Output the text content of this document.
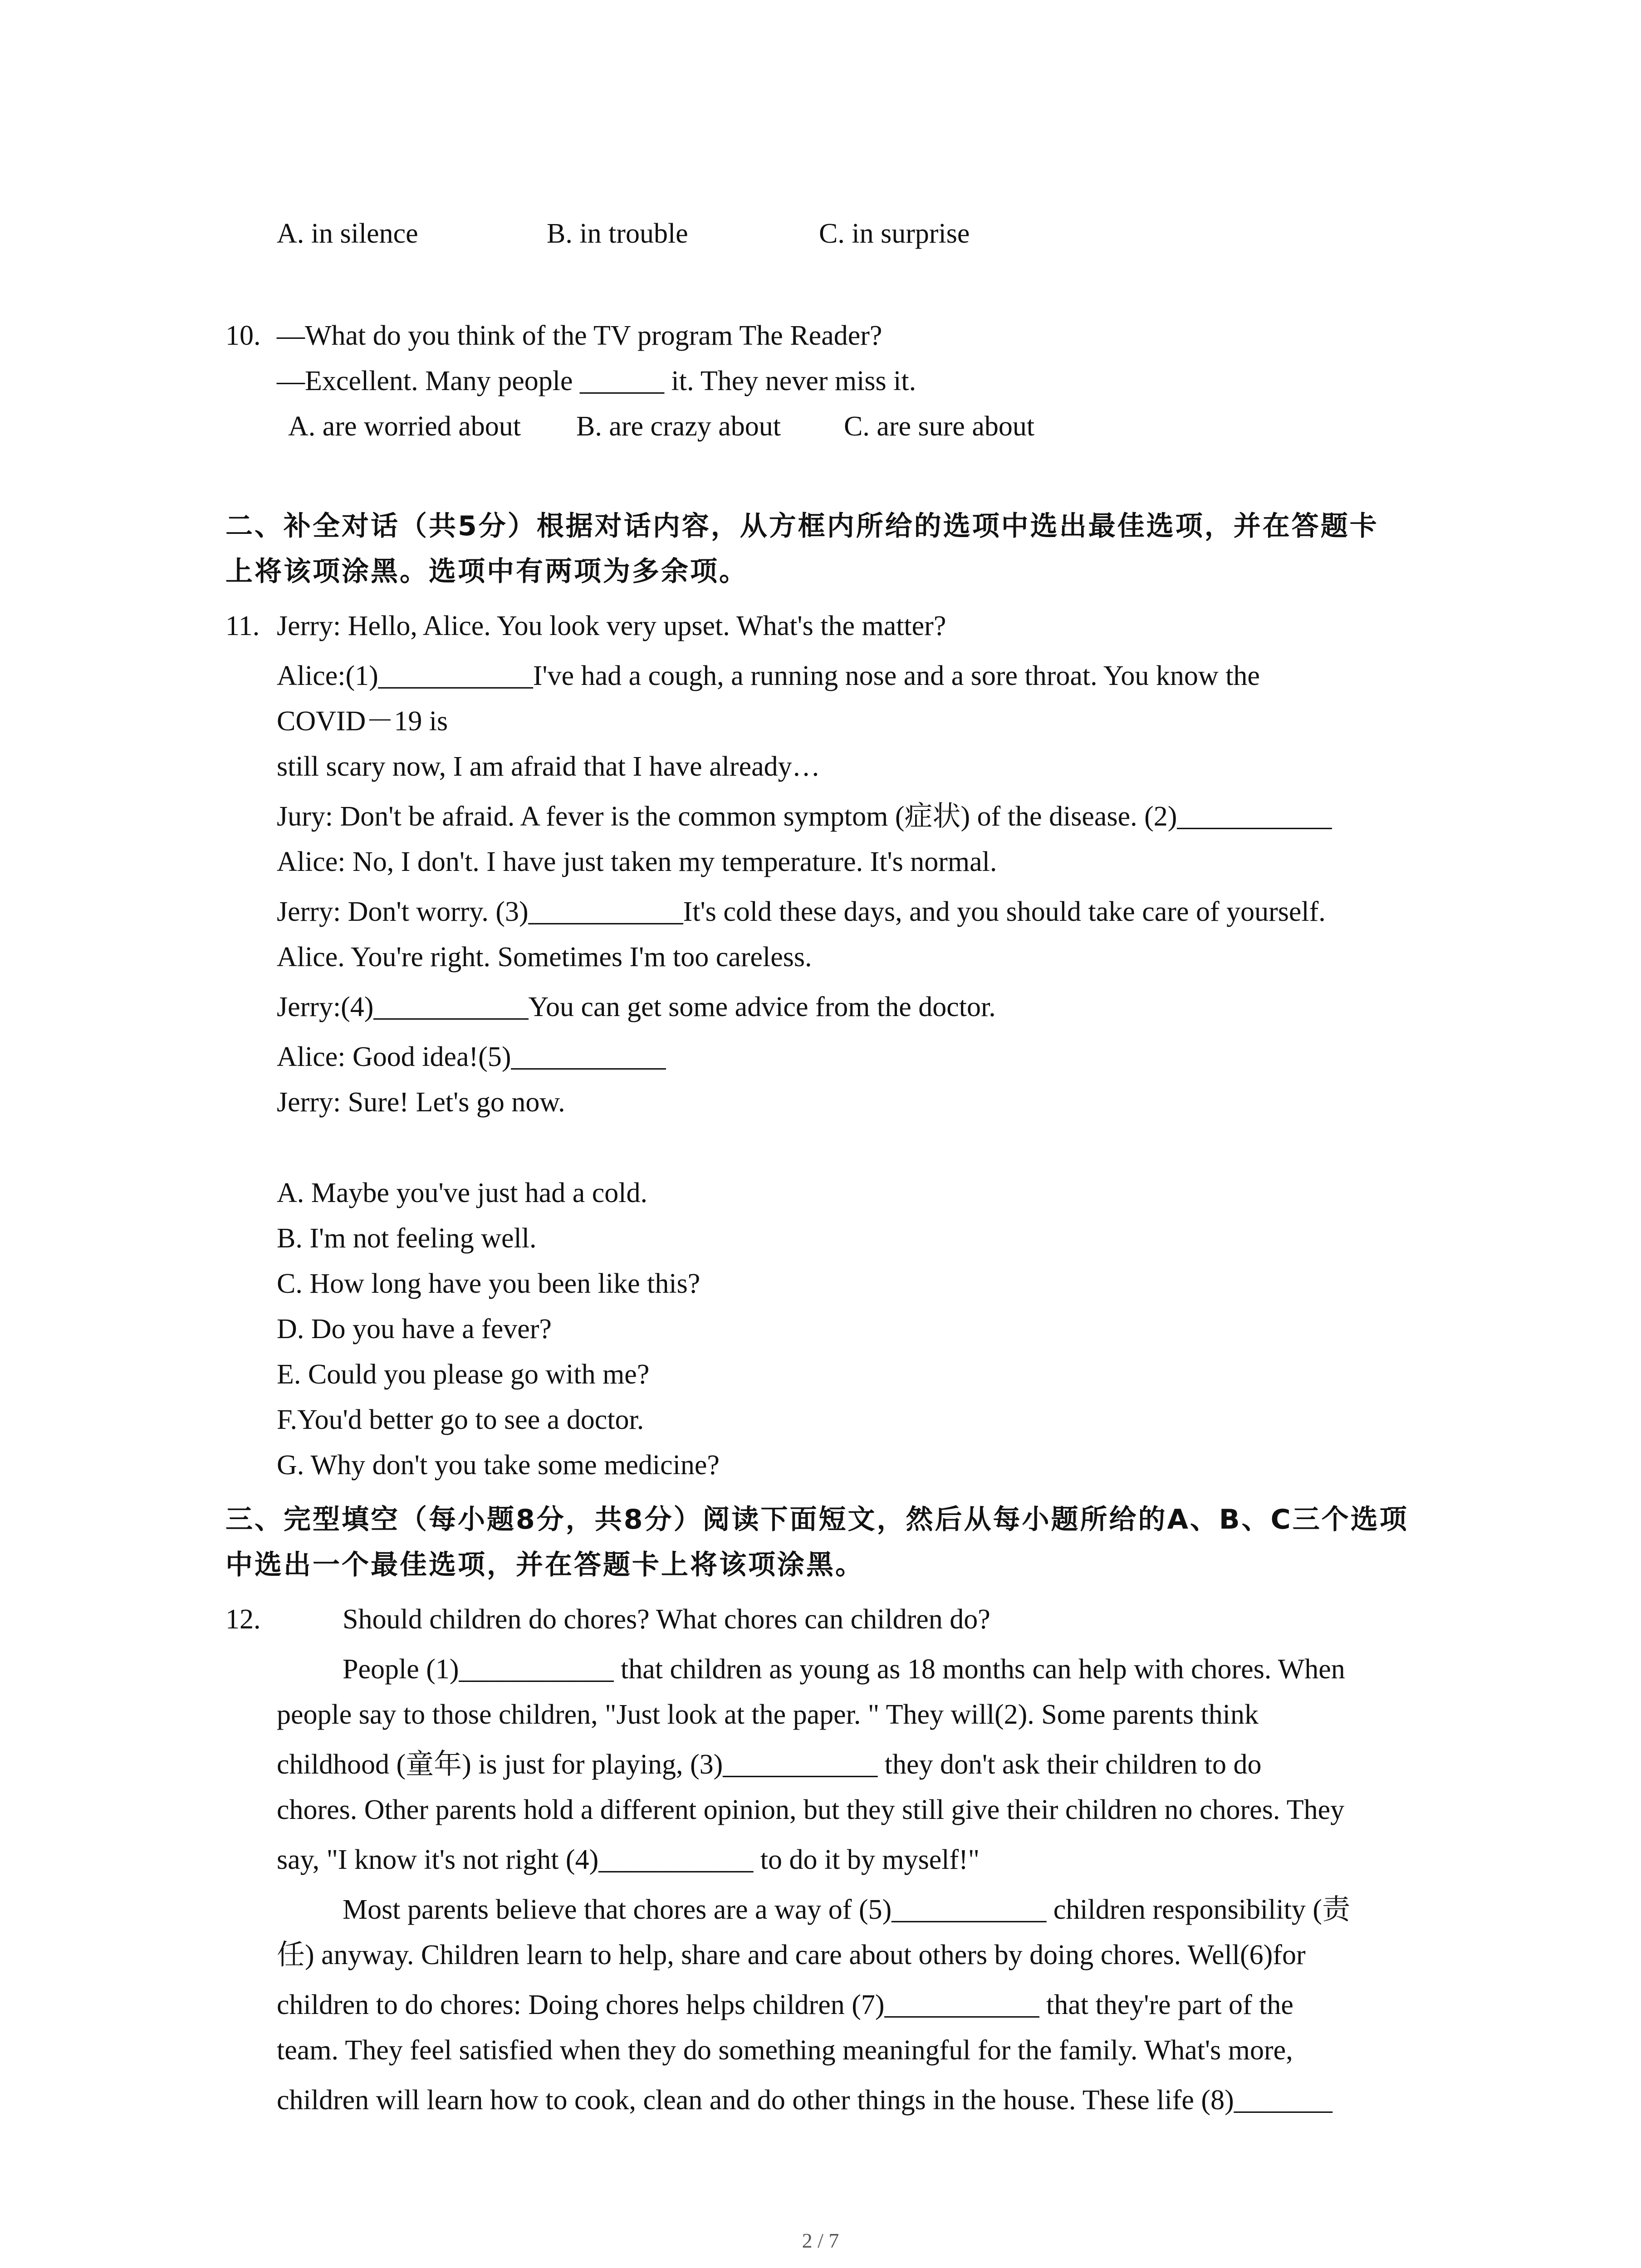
A. in silence	B. in trouble	C. in surprise
10. —What do you think of the TV program The Reader?
—Excellent. Many people ______ it. They never miss it.
A. are worried about B. are crazy about C. are sure about
二、补全对话（共5分）根据对话内容，从方框内所给的选项中选出最佳选项，并在答题卡
上将该项涂黑。选项中有两项为多余项。
11. Jerry: Hello, Alice. You look very upset. What's the matter?
Alice:(1)___________I've had a cough, a running nose and a sore throat. You know the
COVID－19 is
still scary now, I am afraid that I have already…
Jury: Don't be afraid. A fever is the common symptom (症状) of the disease. (2)___________
Alice: No, I don't. I have just taken my temperature. It's normal.
Jerry: Don't worry. (3)___________It's cold these days, and you should take care of yourself.
Alice. You're right. Sometimes I'm too careless.
Jerry:(4)___________You can get some advice from the doctor.
Alice: Good idea!(5)___________
Jerry: Sure! Let's go now.
A. Maybe you've just had a cold.
B. I'm not feeling well.
C. How long have you been like this?
D. Do you have a fever?
E. Could you please go with me?
F.You'd better go to see a doctor.
G. Why don't you take some medicine?
三、完型填空（每小题8分，共8分）阅读下面短文，然后从每小题所给的A、B、C三个选项
中选出一个最佳选项，并在答题卡上将该项涂黑。
12.	Should children do chores? What chores can children do?
People (1)___________ that children as young as 18 months can help with chores. When
people say to those children, "Just look at the paper. " They will(2). Some parents think
childhood (童年) is just for playing, (3)___________ they don't ask their children to do
chores. Other parents hold a different opinion, but they still give their children no chores. They
say, "I know it's not right (4)___________ to do it by myself!"
Most parents believe that chores are a way of (5)___________ children responsibility (责
任) anyway. Children learn to help, share and care about others by doing chores. Well(6)for
children to do chores: Doing chores helps children (7)___________ that they're part of the
team. They feel satisfied when they do something meaningful for the family. What's more,
children will learn how to cook, clean and do other things in the house. These life (8)_______
2 / 7
